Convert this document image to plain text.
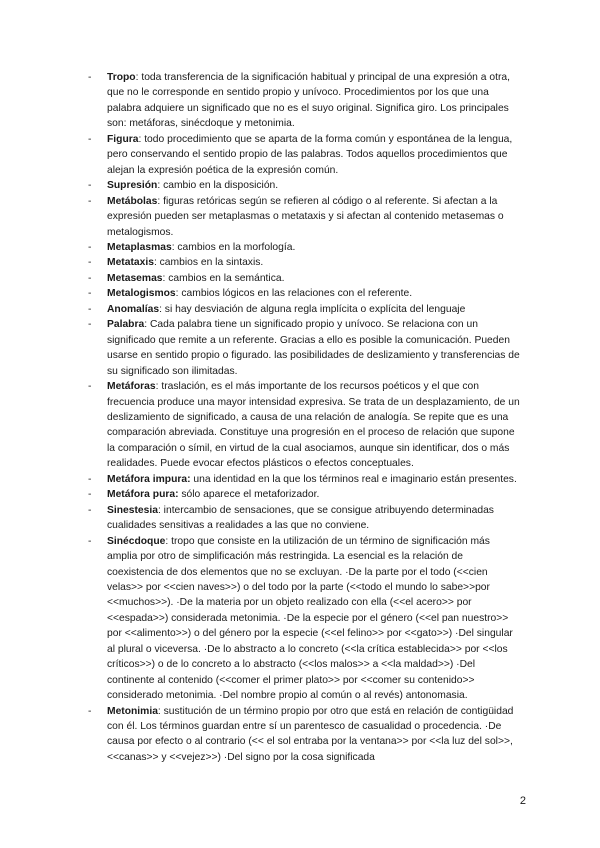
-	Tropo: toda transferencia de la significación habitual y principal de una expresión a otra, que no le corresponde en sentido propio y unívoco. Procedimientos por los que una palabra adquiere un significado que no es el suyo original. Significa giro. Los principales son: metáforas, sinécdoque y metonimia.
-	Figura: todo procedimiento que se aparta de la forma común y espontánea de la lengua, pero conservando el sentido propio de las palabras. Todos aquellos procedimientos que alejan la expresión poética de la expresión común.
-	Supresión: cambio en la disposición.
-	Metábolas: figuras retóricas según se refieren al código o al referente. Si afectan a la expresión pueden ser metaplasmas o metataxis y si afectan al contenido metasemas o metalogismos.
-	Metaplasmas: cambios en la morfología.
-	Metataxis: cambios en la sintaxis.
-	Metasemas: cambios en la semántica.
-	Metalogismos: cambios lógicos en las relaciones con el referente.
-	Anomalías: si hay desviación de alguna regla implícita o explícita del lenguaje
-	Palabra: Cada palabra tiene un significado propio y unívoco. Se relaciona con un significado que remite a un referente. Gracias a ello es posible la comunicación. Pueden usarse en sentido propio o figurado. las posibilidades de deslizamiento y transferencias de su significado son ilimitadas.
-	Metáforas: traslación, es el más importante de los recursos poéticos y el que con frecuencia produce una mayor intensidad expresiva. Se trata de un desplazamiento, de un deslizamiento de significado, a causa de una relación de analogía. Se repite que es una comparación abreviada. Constituye una progresión en el proceso de relación que supone la comparación o símil, en virtud de la cual asociamos, aunque sin identificar, dos o más realidades. Puede evocar efectos plásticos o efectos conceptuales.
-	Metáfora impura: una identidad en la que los términos real e imaginario están presentes.
-	Metáfora pura: sólo aparece el metaforizador.
-	Sinestesia: intercambio de sensaciones, que se consigue atribuyendo determinadas cualidades sensitivas a realidades a las que no conviene.
-	Sinécdoque: tropo que consiste en la utilización de un término de significación más amplia por otro de simplificación más restringida. La esencial es la relación de coexistencia de dos elementos que no se excluyan. ·De la parte por el todo (<<cien velas>> por <<cien naves>>) o del todo por la parte (<<todo el mundo lo sabe>>por <<muchos>>). ·De la materia por un objeto realizado con ella (<<el acero>> por <<espada>>) considerada metonimia. ·De la especie por el género (<<el pan nuestro>> por <<alimento>>) o del género por la especie (<<el felino>> por <<gato>>) ·Del singular al plural o viceversa. ·De lo abstracto a lo concreto (<<la crítica establecida>> por <<los críticos>>) o de lo concreto a lo abstracto (<<los malos>> a <<la maldad>>) ·Del continente al contenido (<<comer el primer plato>> por <<comer su contenido>> considerado metonimia. ·Del nombre propio al común o al revés) antonomasia.
-	Metonimia: sustitución de un término propio por otro que está en relación de contigüidad con él. Los términos guardan entre sí un parentesco de casualidad o procedencia. ·De causa por efecto o al contrario (<< el sol entraba por la ventana>> por <<la luz del sol>>, <<canas>> y <<vejez>>) ·Del signo por la cosa significada
2
